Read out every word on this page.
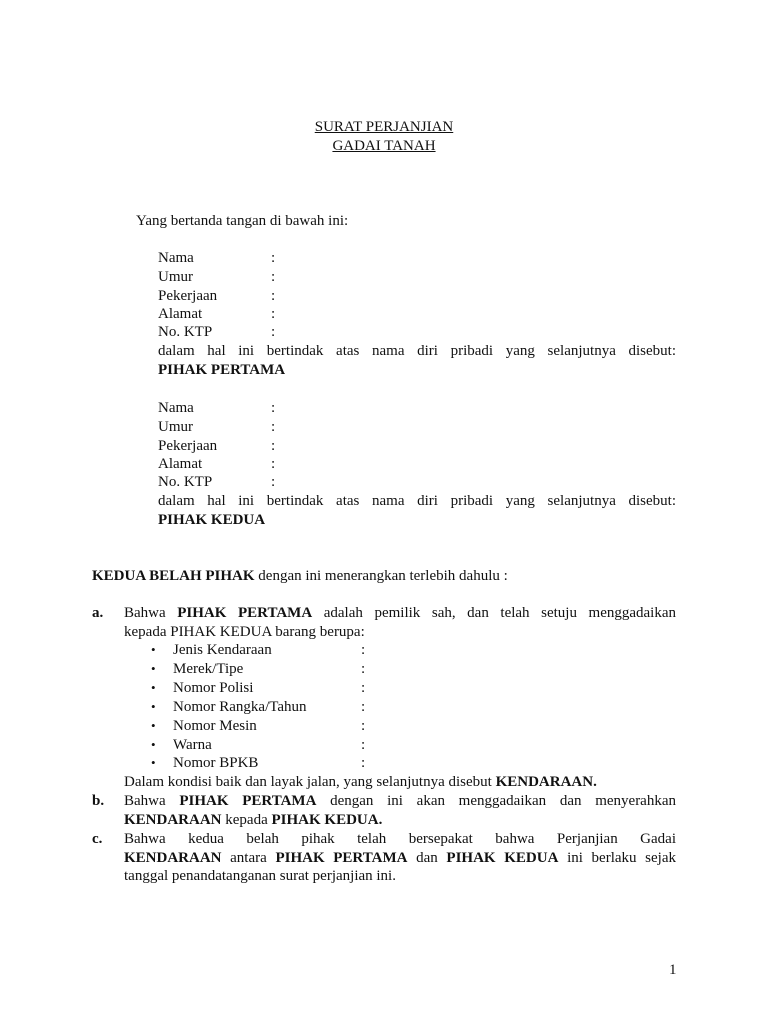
SURAT PERJANJIAN
GADAI TANAH
Yang bertanda tangan di bawah ini:
Nama	:
Umur	:
Pekerjaan	:
Alamat	:
No. KTP	:
dalam hal ini bertindak atas nama diri pribadi yang selanjutnya disebut:
PIHAK PERTAMA
Nama	:
Umur	:
Pekerjaan	:
Alamat	:
No. KTP	:
dalam hal ini bertindak atas nama diri pribadi yang selanjutnya disebut:
PIHAK KEDUA
KEDUA BELAH PIHAK dengan ini menerangkan terlebih dahulu :
a. Bahwa PIHAK PERTAMA adalah pemilik sah, dan telah setuju menggadaikan
kepada PIHAK KEDUA barang berupa:
• Jenis Kendaraan	:
• Merek/Tipe	:
• Nomor Polisi	:
• Nomor Rangka/Tahun	:
• Nomor Mesin	:
• Warna	:
• Nomor BPKB	:
Dalam kondisi baik dan layak jalan, yang selanjutnya disebut KENDARAAN.
b. Bahwa PIHAK PERTAMA dengan ini akan menggadaikan dan menyerahkan
KENDARAAN kepada PIHAK KEDUA.
c. Bahwa kedua belah pihak telah bersepakat bahwa Perjanjian Gadai
KENDARAAN antara PIHAK PERTAMA dan PIHAK KEDUA ini berlaku sejak
tanggal penandatanganan surat perjanjian ini.
1
